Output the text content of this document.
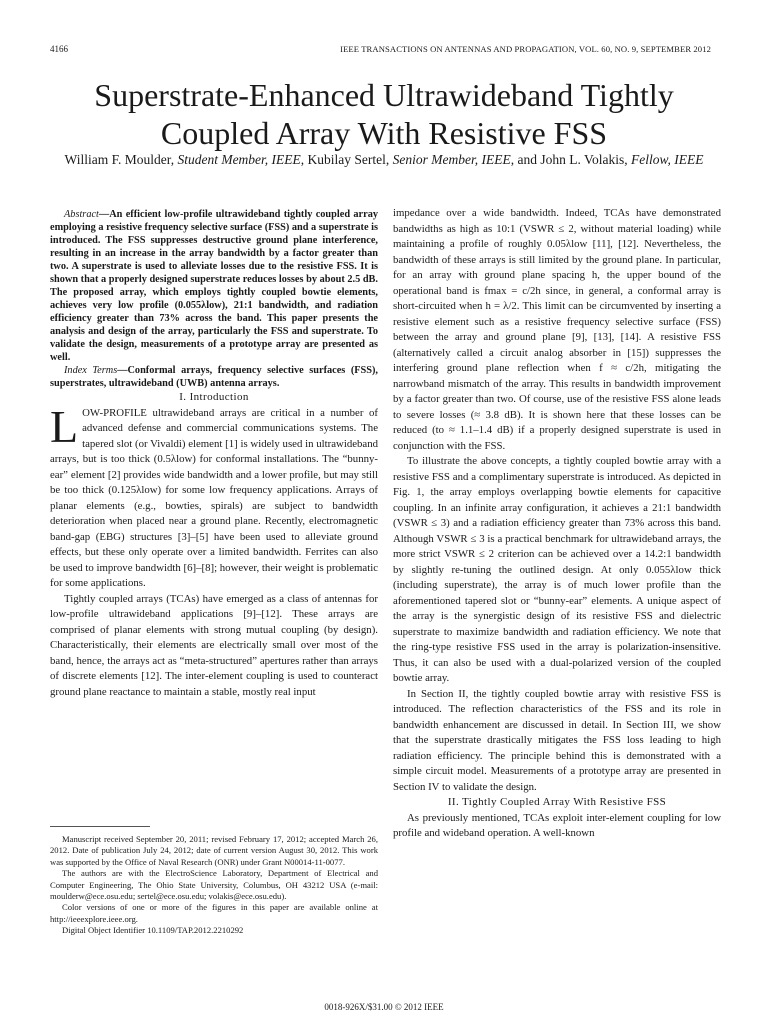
4166	IEEE TRANSACTIONS ON ANTENNAS AND PROPAGATION, VOL. 60, NO. 9, SEPTEMBER 2012
Superstrate-Enhanced Ultrawideband Tightly
Coupled Array With Resistive FSS
William F. Moulder, Student Member, IEEE, Kubilay Sertel, Senior Member, IEEE, and John L. Volakis, Fellow, IEEE

Abstract—An efficient low-profile ultrawideband tightly coupled array employing a resistive frequency selective surface (FSS) and a superstrate is introduced. The FSS suppresses destructive ground plane interference, resulting in an increase in the array bandwidth by a factor greater than two. A superstrate is used to alleviate losses due to the resistive FSS. It is shown that a properly designed superstrate reduces losses by about 2.5 dB. The proposed array, which employs tightly coupled bowtie elements, achieves very low profile (0.055λlow), 21:1 bandwidth, and radiation efficiency greater than 73% across the band. This paper presents the analysis and design of the array, particularly the FSS and superstrate. To validate the design, measurements of a prototype array are presented as well.

Index Terms—Conformal arrays, frequency selective surfaces (FSS), superstrates, ultrawideband (UWB) antenna arrays.

I. Introduction

LOW-PROFILE ultrawideband arrays are critical in a number of advanced defense and commercial communications systems. The tapered slot (or Vivaldi) element [1] is widely used in ultrawideband arrays, but is too thick (0.5λlow) for conformal installations. The “bunny-ear” element [2] provides wide bandwidth and a lower profile, but may still be too thick (0.125λlow) for some low frequency applications. Arrays of planar elements (e.g., bowties, spirals) are subject to bandwidth deterioration when placed near a ground plane. Recently, electromagnetic band-gap (EBG) structures [3]–[5] have been used to alleviate ground effects, but these only operate over a limited bandwidth. Ferrites can also be used to improve bandwidth [6]–[8]; however, their weight is problematic for some applications.

Tightly coupled arrays (TCAs) have emerged as a class of antennas for low-profile ultrawideband applications [9]–[12]. These arrays are comprised of planar elements with strong mutual coupling (by design). Characteristically, their elements are electrically small over most of the band, hence, the arrays act as “meta-structured” apertures rather than arrays of discrete elements [12]. The inter-element coupling is used to counteract ground plane reactance to maintain a stable, mostly real input

Manuscript received September 20, 2011; revised February 17, 2012; accepted March 26, 2012. Date of publication July 24, 2012; date of current version August 30, 2012. This work was supported by the Office of Naval Research (ONR) under Grant N00014-11-0077.

The authors are with the ElectroScience Laboratory, Department of Electrical and Computer Engineering, The Ohio State University, Columbus, OH 43212 USA (e-mail: moulderw@ece.osu.edu; sertel@ece.osu.edu; volakis@ece.osu.edu).

Color versions of one or more of the figures in this paper are available online at http://ieeexplore.ieee.org.

Digital Object Identifier 10.1109/TAP.2012.2210292

impedance over a wide bandwidth. Indeed, TCAs have demonstrated bandwidths as high as 10:1 (VSWR ≤ 2, without material loading) while maintaining a profile of roughly 0.05λlow [11], [12]. Nevertheless, the bandwidth of these arrays is still limited by the ground plane. In particular, for an array with ground plane spacing h, the upper bound of the operational band is fmax = c/2h since, in general, a conformal array is short-circuited when h = λ/2. This limit can be circumvented by inserting a resistive element such as a resistive frequency selective surface (FSS) between the array and ground plane [9], [13], [14]. A resistive FSS (alternatively called a circuit analog absorber in [15]) suppresses the interfering ground plane reflection when f ≈ c/2h, mitigating the narrowband mismatch of the array. This results in bandwidth improvement by a factor greater than two. Of course, use of the resistive FSS alone leads to severe losses (≈ 3.8 dB). It is shown here that these losses can be reduced (to ≈ 1.1–1.4 dB) if a properly designed superstrate is used in conjunction with the FSS.

To illustrate the above concepts, a tightly coupled bowtie array with a resistive FSS and a complimentary superstrate is introduced. As depicted in Fig. 1, the array employs overlapping bowtie elements for capacitive coupling. In an infinite array configuration, it achieves a 21:1 bandwidth (VSWR ≤ 3) and a radiation efficiency greater than 73% across this band. Although VSWR ≤ 3 is a practical benchmark for ultrawideband arrays, the more strict VSWR ≤ 2 criterion can be achieved over a 14.2:1 bandwidth by slightly re-tuning the outlined design. At only 0.055λlow thick (including superstrate), the array is of much lower profile than the aforementioned tapered slot or “bunny-ear” elements. A unique aspect of the array is the synergistic design of its resistive FSS and dielectric superstrate to maximize bandwidth and radiation efficiency. We note that the ring-type resistive FSS used in the array is polarization-insensitive. Thus, it can also be used with a dual-polarized version of the coupled bowtie array.

In Section II, the tightly coupled bowtie array with resistive FSS is introduced. The reflection characteristics of the FSS and its role in bandwidth enhancement are discussed in detail. In Section III, we show that the superstrate drastically mitigates the FSS loss leading to high radiation efficiency. The principle behind this is demonstrated with a simple circuit model. Measurements of a prototype array are presented in Section IV to validate the design.

II. Tightly Coupled Array With Resistive FSS

As previously mentioned, TCAs exploit inter-element coupling for low profile and wideband operation. A well-known

0018-926X/$31.00 © 2012 IEEE
